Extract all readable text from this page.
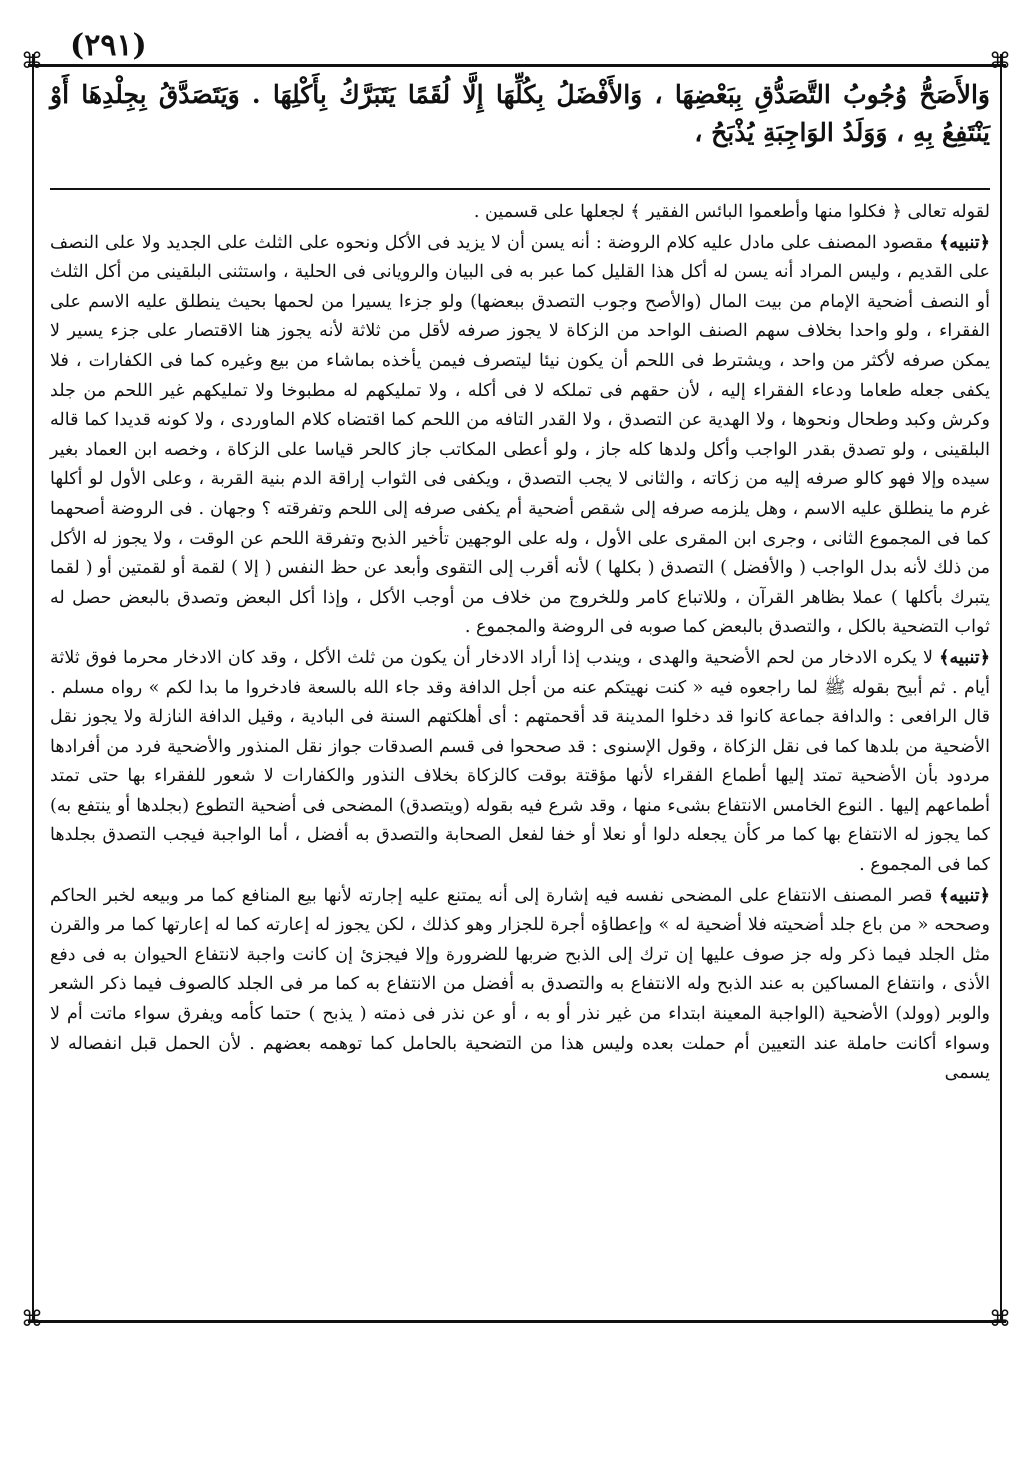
(٢٩١)
⌘	⌘
⌘	⌘
وَالأَصَحُّ وُجُوبُ التَّصَدُّقِ بِبَعْضِهَا ، وَالأَفْضَلُ بِكُلِّهَا إِلَّا لُقَمًا يَتَبَرَّكُ بِأَكْلِهَا . وَيَتَصَدَّقُ بِجِلْدِهَا أَوْ يَنْتَفِعُ بِهِ ، وَوَلَدُ الوَاجِبَةِ يُذْبَحُ ،

لقوله تعالى ﴿ فكلوا منها وأطعموا البائس الفقير ﴾ لجعلها على قسمين .

﴿تنبيه﴾ مقصود المصنف على مادل عليه كلام الروضة : أنه يسن أن لا يزيد فى الأكل ونحوه على الثلث على الجديد ولا على النصف على القديم ، وليس المراد أنه يسن له أكل هذا القليل كما عبر به فى البيان والرويانى فى الحلية ، واستثنى البلقينى من أكل الثلث أو النصف أضحية الإمام من بيت المال (والأصح وجوب التصدق ببعضها) ولو جزءا يسيرا من لحمها بحيث ينطلق عليه الاسم على الفقراء ، ولو واحدا بخلاف سهم الصنف الواحد من الزكاة لا يجوز صرفه لأقل من ثلاثة لأنه يجوز هنا الاقتصار على جزء يسير لا يمكن صرفه لأكثر من واحد ، ويشترط فى اللحم أن يكون نيئا ليتصرف فيمن يأخذه بماشاء من بيع وغيره كما فى الكفارات ، فلا يكفى جعله طعاما ودعاء الفقراء إليه ، لأن حقهم فى تملكه لا فى أكله ، ولا تمليكهم له مطبوخا ولا تمليكهم غير اللحم من جلد وكرش وكبد وطحال ونحوها ، ولا الهدية عن التصدق ، ولا القدر التافه من اللحم كما اقتضاه كلام الماوردى ، ولا كونه قديدا كما قاله البلقينى ، ولو تصدق بقدر الواجب وأكل ولدها كله جاز ، ولو أعطى المكاتب جاز كالحر قياسا على الزكاة ، وخصه ابن العماد بغير سيده وإلا فهو كالو صرفه إليه من زكاته ، والثانى لا يجب التصدق ، ويكفى فى الثواب إراقة الدم بنية القربة ، وعلى الأول لو أكلها غرم ما ينطلق عليه الاسم ، وهل يلزمه صرفه إلى شقص أضحية أم يكفى صرفه إلى اللحم وتفرقته ؟ وجهان . فى الروضة أصحهما كما فى المجموع الثانى ، وجرى ابن المقرى على الأول ، وله على الوجهين تأخير الذبح وتفرقة اللحم عن الوقت ، ولا يجوز له الأكل من ذلك لأنه بدل الواجب ( والأفضل ) التصدق ( بكلها ) لأنه أقرب إلى التقوى وأبعد عن حظ النفس ( إلا ) لقمة أو لقمتين أو ( لقما يتبرك بأكلها ) عملا بظاهر القرآن ، وللاتباع كامر وللخروج من خلاف من أوجب الأكل ، وإذا أكل البعض وتصدق بالبعض حصل له ثواب التضحية بالكل ، والتصدق بالبعض كما صوبه فى الروضة والمجموع .

﴿تنبيه﴾ لا يكره الادخار من لحم الأضحية والهدى ، ويندب إذا أراد الادخار أن يكون من ثلث الأكل ، وقد كان الادخار محرما فوق ثلاثة أيام . ثم أبيح بقوله ﷺ لما راجعوه فيه « كنت نهيتكم عنه من أجل الدافة وقد جاء الله بالسعة فادخروا ما بدا لكم » رواه مسلم . قال الرافعى : والدافة جماعة كانوا قد دخلوا المدينة قد أقحمتهم : أى أهلكتهم السنة فى البادية ، وقيل الدافة النازلة ولا يجوز نقل الأضحية من بلدها كما فى نقل الزكاة ، وقول الإسنوى : قد صححوا فى قسم الصدقات جواز نقل المنذور والأضحية فرد من أفرادها مردود بأن الأضحية تمتد إليها أطماع الفقراء لأنها مؤقتة بوقت كالزكاة بخلاف النذور والكفارات لا شعور للفقراء بها حتى تمتد أطماعهم إليها . النوع الخامس الانتفاع بشىء منها ، وقد شرع فيه بقوله (ويتصدق) المضحى فى أضحية التطوع (بجلدها أو ينتفع به) كما يجوز له الانتفاع بها كما مر كأن يجعله دلوا أو نعلا أو خفا لفعل الصحابة والتصدق به أفضل ، أما الواجبة فيجب التصدق بجلدها كما فى المجموع .

﴿تنبيه﴾ قصر المصنف الانتفاع على المضحى نفسه فيه إشارة إلى أنه يمتنع عليه إجارته لأنها بيع المنافع كما مر وبيعه لخبر الحاكم وصححه « من باع جلد أضحيته فلا أضحية له » وإعطاؤه أجرة للجزار وهو كذلك ، لكن يجوز له إعارته كما له إعارتها كما مر والقرن مثل الجلد فيما ذكر وله جز صوف عليها إن ترك إلى الذبح ضربها للضرورة وإلا فيجزئ إن كانت واجبة لانتفاع الحيوان به فى دفع الأذى ، وانتفاع المساكين به عند الذبح وله الانتفاع به والتصدق به أفضل من الانتفاع به كما مر فى الجلد كالصوف فيما ذكر الشعر والوبر (وولد) الأضحية (الواجبة المعينة ابتداء من غير نذر أو به ، أو عن نذر فى ذمته ( يذبح ) حتما كأمه ويفرق سواء ماتت أم لا وسواء أكانت حاملة عند التعيين أم حملت بعده وليس هذا من التضحية بالحامل كما توهمه بعضهم . لأن الحمل قبل انفصاله لا يسمى
